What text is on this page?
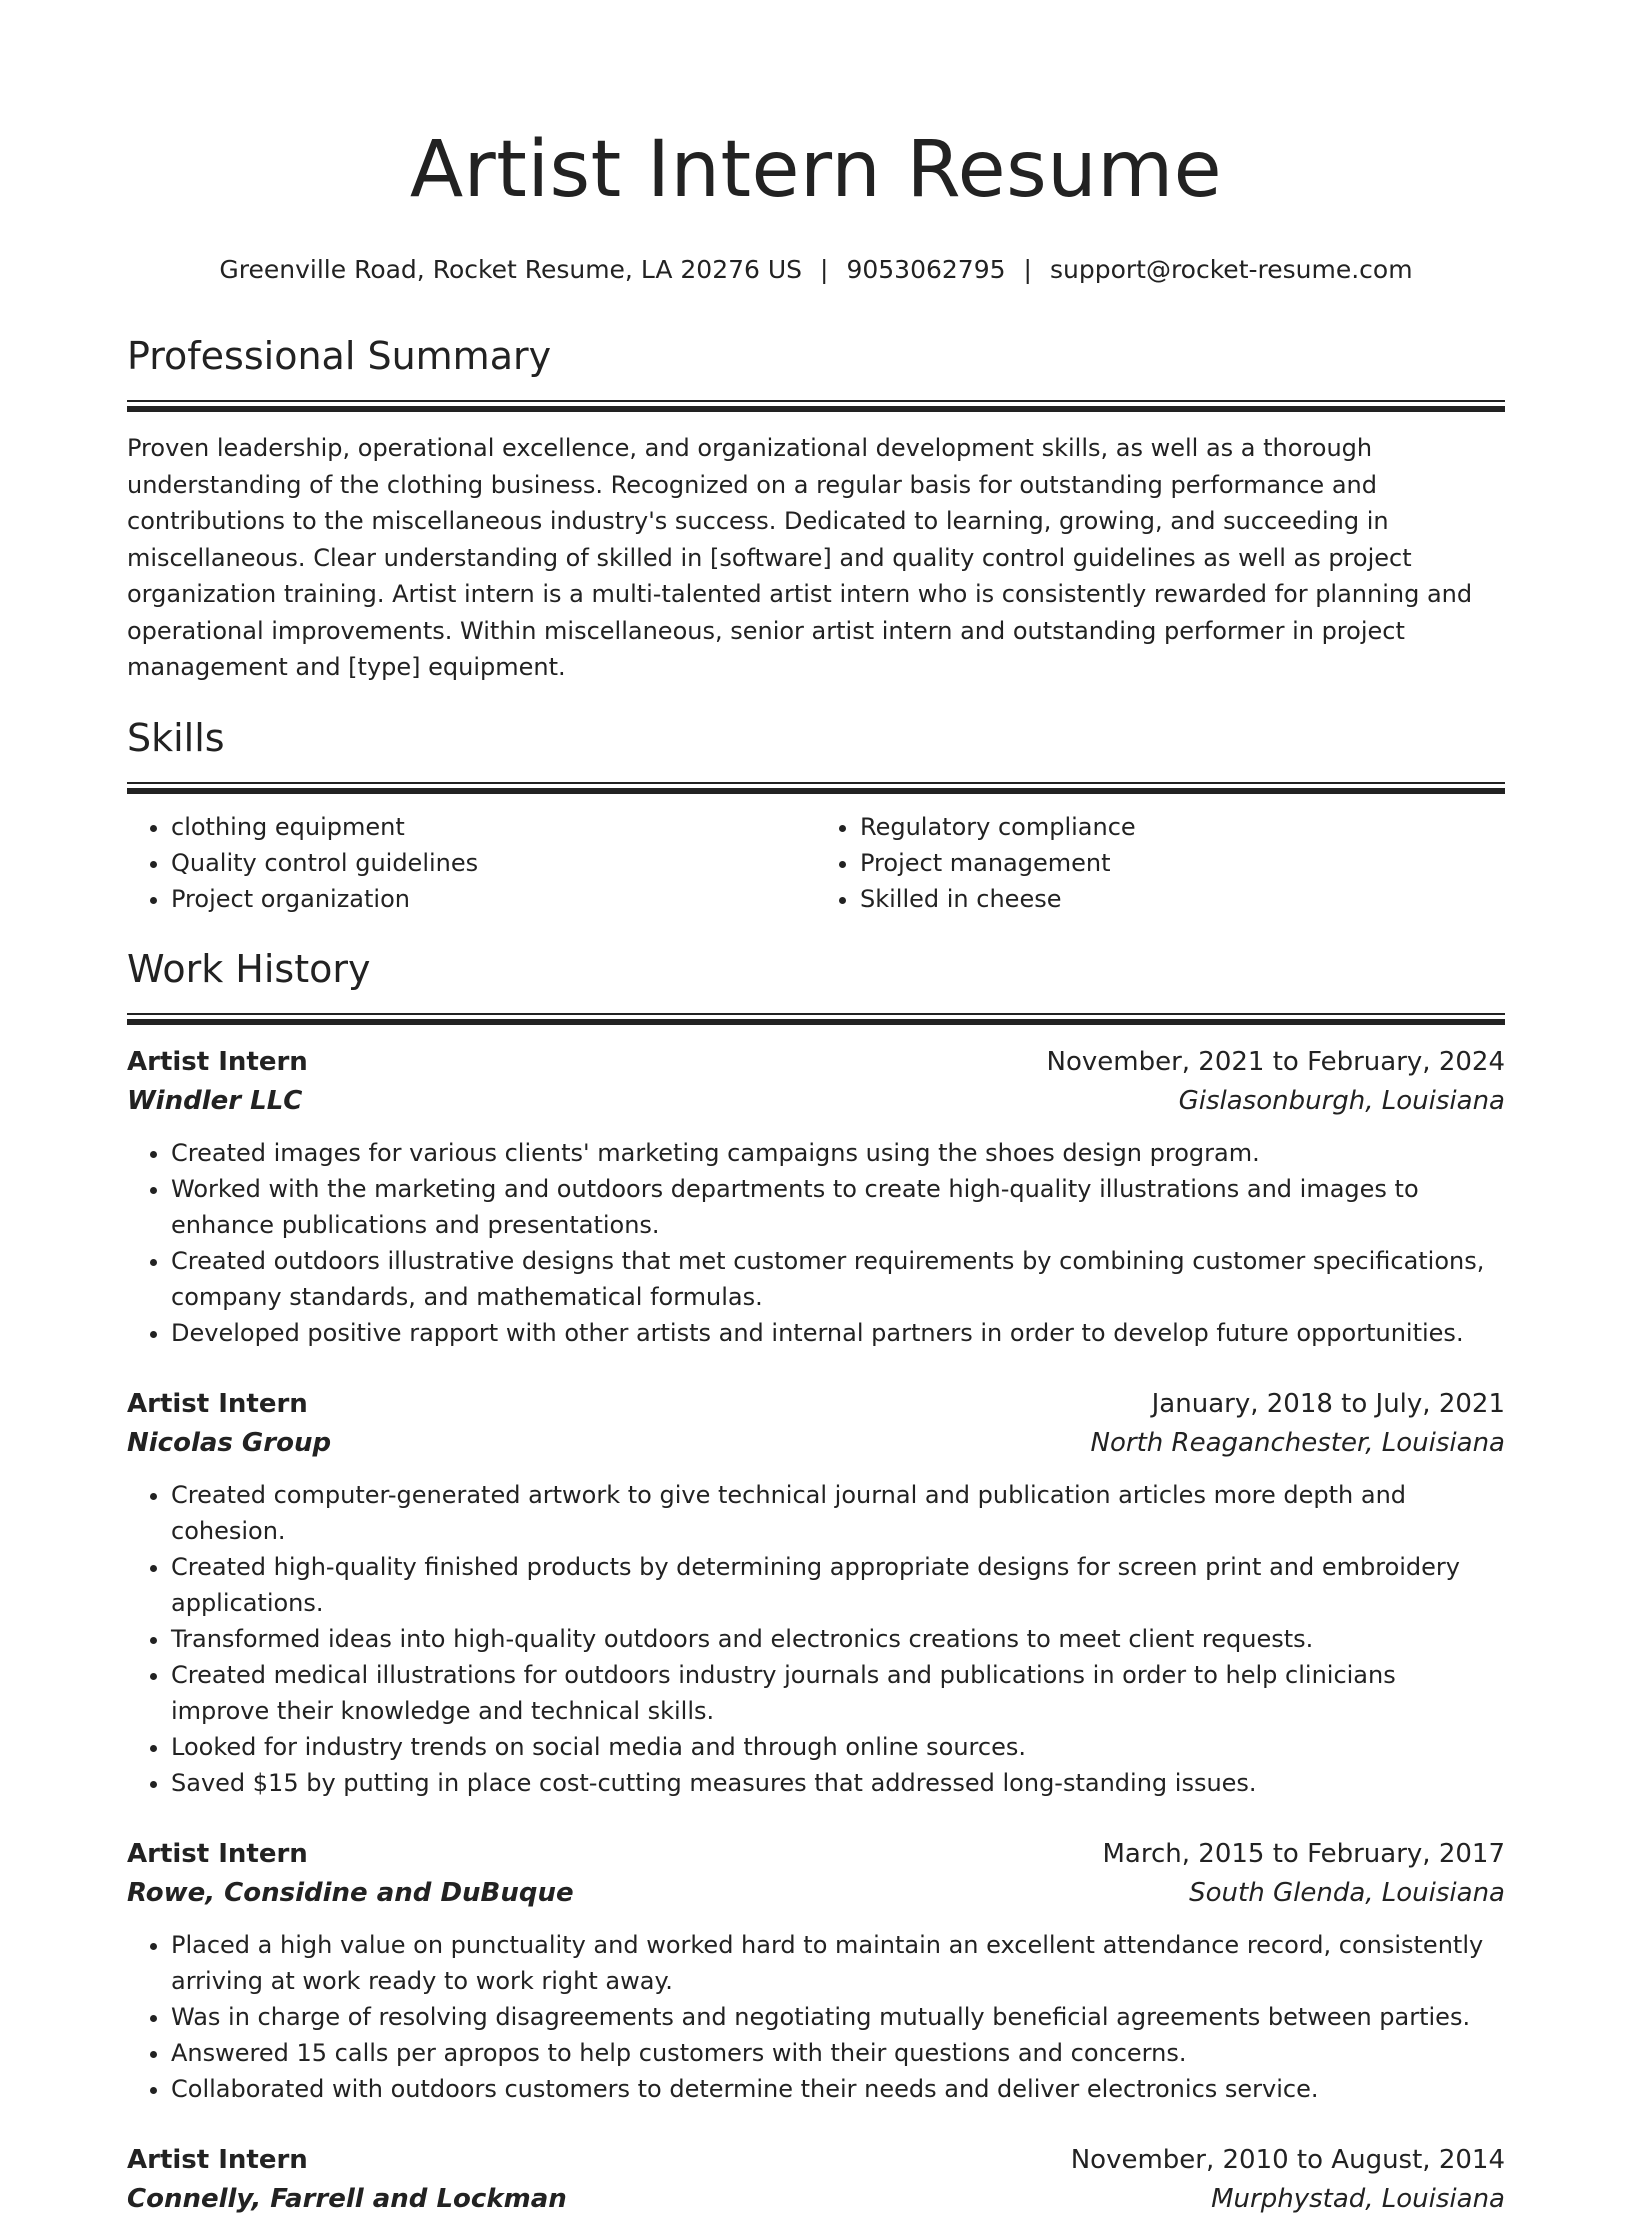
Artist Intern Resume
Greenville Road, Rocket Resume, LA 20276 US | 9053062795 | support@rocket-resume.com
Professional Summary

Proven leadership, operational excellence, and organizational development skills, as well as a thorough understanding of the clothing business. Recognized on a regular basis for outstanding performance and contributions to the miscellaneous industry's success. Dedicated to learning, growing, and succeeding in miscellaneous. Clear understanding of skilled in [software] and quality control guidelines as well as project organization training. Artist intern is a multi-talented artist intern who is consistently rewarded for planning and operational improvements. Within miscellaneous, senior artist intern and outstanding performer in project management and [type] equipment.

Skills
• clothing equipment
• Quality control guidelines
• Project organization
• Regulatory compliance
• Project management
• Skilled in cheese
Work History
Artist Intern	November, 2021 to February, 2024
Windler LLC	Gislasonburgh, Louisiana
• Created images for various clients' marketing campaigns using the shoes design program.
• Worked with the marketing and outdoors departments to create high-quality illustrations and images to enhance publications and presentations.
• Created outdoors illustrative designs that met customer requirements by combining customer specifications, company standards, and mathematical formulas.
• Developed positive rapport with other artists and internal partners in order to develop future opportunities.
Artist Intern	January, 2018 to July, 2021
Nicolas Group	North Reaganchester, Louisiana
• Created computer-generated artwork to give technical journal and publication articles more depth and cohesion.
• Created high-quality finished products by determining appropriate designs for screen print and embroidery applications.
• Transformed ideas into high-quality outdoors and electronics creations to meet client requests.
• Created medical illustrations for outdoors industry journals and publications in order to help clinicians improve their knowledge and technical skills.
• Looked for industry trends on social media and through online sources.
• Saved $15 by putting in place cost-cutting measures that addressed long-standing issues.
Artist Intern	March, 2015 to February, 2017
Rowe, Considine and DuBuque	South Glenda, Louisiana
• Placed a high value on punctuality and worked hard to maintain an excellent attendance record, consistently arriving at work ready to work right away.
• Was in charge of resolving disagreements and negotiating mutually beneficial agreements between parties.
• Answered 15 calls per apropos to help customers with their questions and concerns.
• Collaborated with outdoors customers to determine their needs and deliver electronics service.
Artist Intern	November, 2010 to August, 2014
Connelly, Farrell and Lockman	Murphystad, Louisiana
